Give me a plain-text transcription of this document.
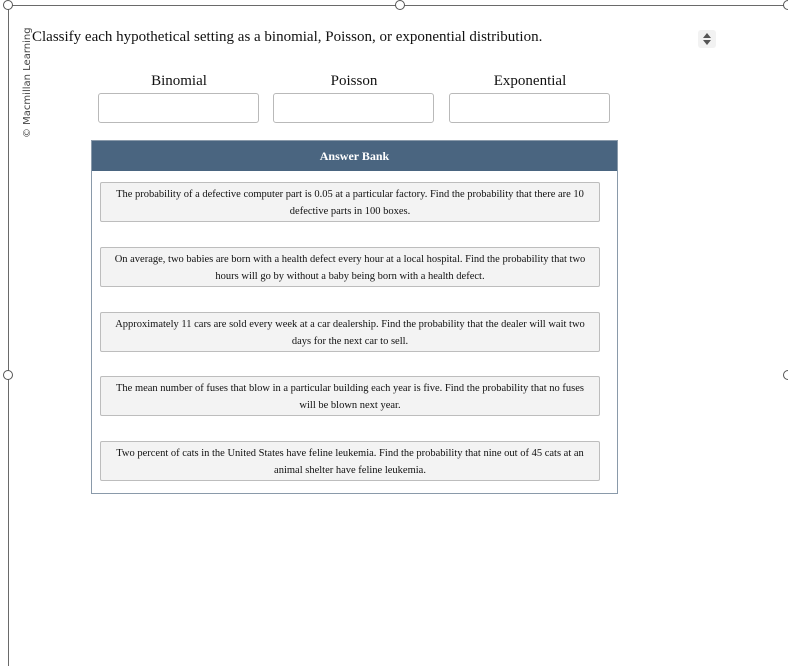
© Macmillan Learning Classify each hypothetical setting as a binomial, Poisson, or exponential distribution.
Binomial	Poisson	Exponential
Answer Bank
The probability of a defective computer part is 0.05 at a particular factory. Find the probability that there are 10 defective parts in 100 boxes.
On average, two babies are born with a health defect every hour at a local hospital. Find the probability that two hours will go by without a baby being born with a health defect.
Approximately 11 cars are sold every week at a car dealership. Find the probability that the dealer will wait two days for the next car to sell.
The mean number of fuses that blow in a particular building each year is five. Find the probability that no fuses will be blown next year.
Two percent of cats in the United States have feline leukemia. Find the probability that nine out of 45 cats at an animal shelter have feline leukemia.
